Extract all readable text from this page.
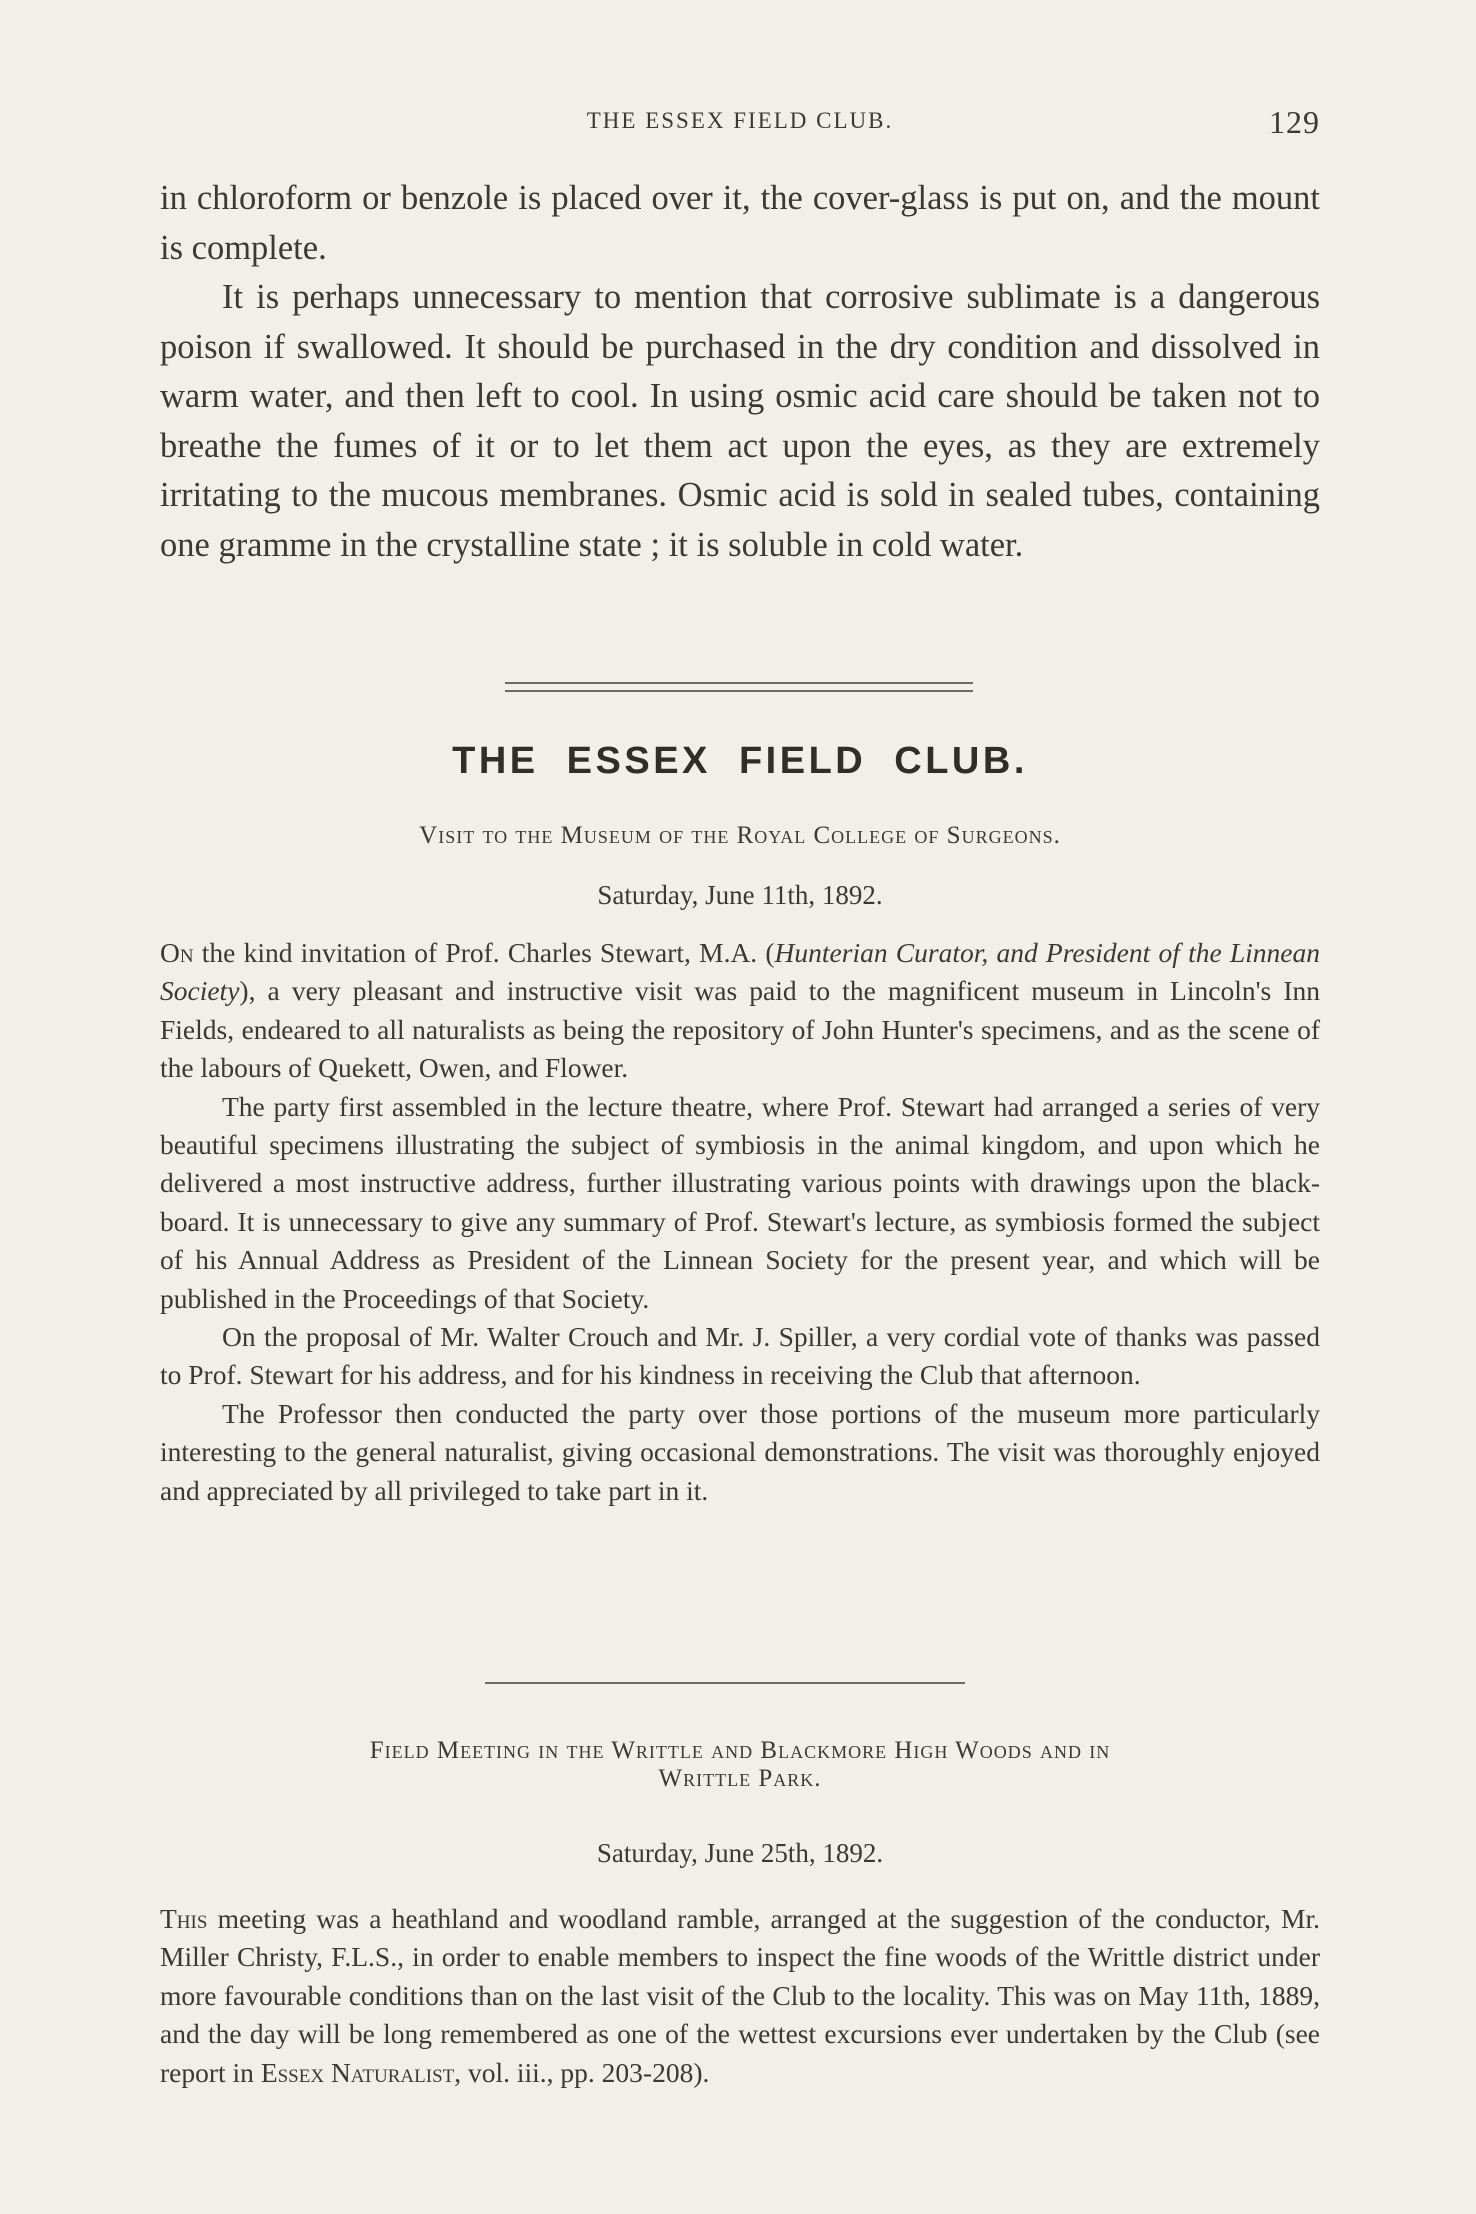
THE ESSEX FIELD CLUB.	129

in chloroform or benzole is placed over it, the cover-glass is put on, and the mount is complete.

It is perhaps unnecessary to mention that corrosive sublimate is a dangerous poison if swallowed. It should be purchased in the dry condition and dissolved in warm water, and then left to cool. In using osmic acid care should be taken not to breathe the fumes of it or to let them act upon the eyes, as they are extremely irritating to the mucous membranes. Osmic acid is sold in sealed tubes, containing one gramme in the crystalline state ; it is soluble in cold water.

THE ESSEX FIELD CLUB.
Visit to the Museum of the Royal College of Surgeons.
Saturday, June 11th, 1892.

On the kind invitation of Prof. Charles Stewart, M.A. (Hunterian Curator, and President of the Linnean Society), a very pleasant and instructive visit was paid to the magnificent museum in Lincoln's Inn Fields, endeared to all naturalists as being the repository of John Hunter's specimens, and as the scene of the labours of Quekett, Owen, and Flower.

The party first assembled in the lecture theatre, where Prof. Stewart had arranged a series of very beautiful specimens illustrating the subject of symbiosis in the animal kingdom, and upon which he delivered a most instructive address, further illustrating various points with drawings upon the black-board. It is unnecessary to give any summary of Prof. Stewart's lecture, as symbiosis formed the subject of his Annual Address as President of the Linnean Society for the present year, and which will be published in the Proceedings of that Society.

On the proposal of Mr. Walter Crouch and Mr. J. Spiller, a very cordial vote of thanks was passed to Prof. Stewart for his address, and for his kindness in receiving the Club that afternoon.

The Professor then conducted the party over those portions of the museum more particularly interesting to the general naturalist, giving occasional demonstrations. The visit was thoroughly enjoyed and appreciated by all privileged to take part in it.

Field Meeting in the Writtle and Blackmore High Woods and in
Writtle Park.
Saturday, June 25th, 1892.

This meeting was a heathland and woodland ramble, arranged at the suggestion of the conductor, Mr. Miller Christy, F.L.S., in order to enable members to inspect the fine woods of the Writtle district under more favourable conditions than on the last visit of the Club to the locality. This was on May 11th, 1889, and the day will be long remembered as one of the wettest excursions ever undertaken by the Club (see report in Essex Naturalist, vol. iii., pp. 203-208).
